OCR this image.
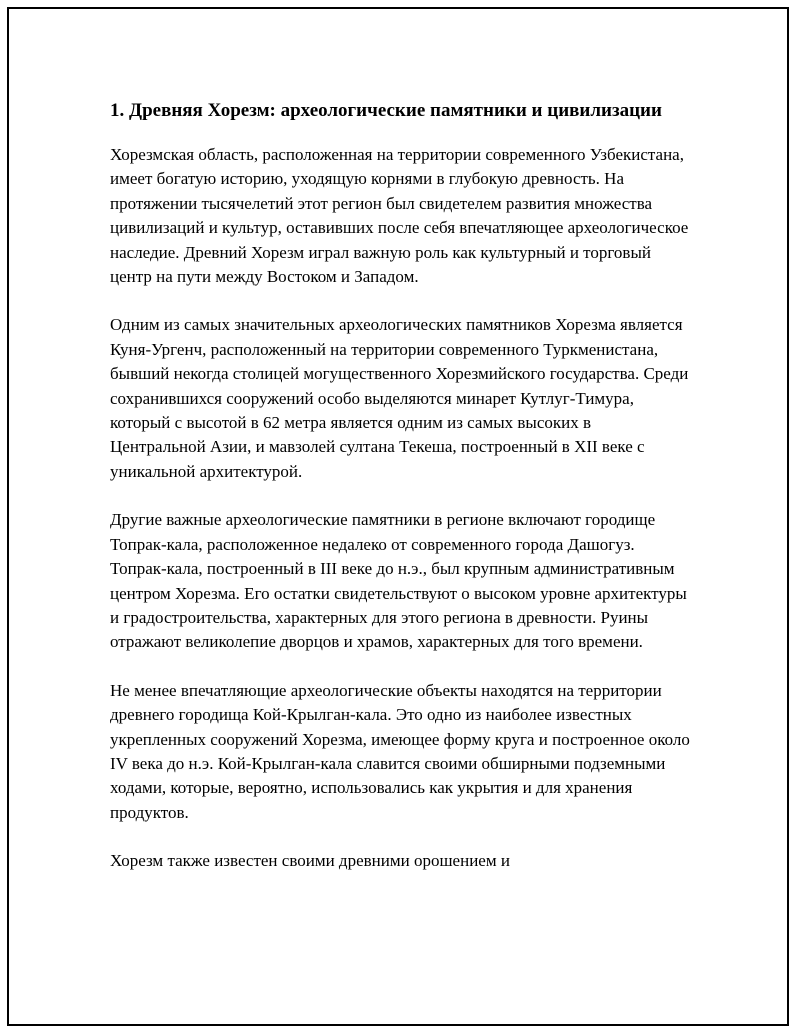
1. Древняя Хорезм: археологические памятники и цивилизации

Хорезмская область, расположенная на территории современного Узбекистана, имеет богатую историю, уходящую корнями в глубокую древность. На протяжении тысячелетий этот регион был свидетелем развития множества цивилизаций и культур, оставивших после себя впечатляющее археологическое наследие. Древний Хорезм играл важную роль как культурный и торговый центр на пути между Востоком и Западом.

Одним из самых значительных археологических памятников Хорезма является Куня-Ургенч, расположенный на территории современного Туркменистана, бывший некогда столицей могущественного Хорезмийского государства. Среди сохранившихся сооружений особо выделяются минарет Кутлуг-Тимура, который с высотой в 62 метра является одним из самых высоких в Центральной Азии, и мавзолей султана Текеша, построенный в XII веке с уникальной архитектурой.

Другие важные археологические памятники в регионе включают городище Топрак-кала, расположенное недалеко от современного города Дашогуз. Топрак-кала, построенный в III веке до н.э., был крупным административным центром Хорезма. Его остатки свидетельствуют о высоком уровне архитектуры и градостроительства, характерных для этого региона в древности. Руины отражают великолепие дворцов и храмов, характерных для того времени.

Не менее впечатляющие археологические объекты находятся на территории древнего городища Кой-Крылган-кала. Это одно из наиболее известных укрепленных сооружений Хорезма, имеющее форму круга и построенное около IV века до н.э. Кой-Крылган-кала славится своими обширными подземными ходами, которые, вероятно, использовались как укрытия и для хранения продуктов.

Хорезм также известен своими древними орошением и
